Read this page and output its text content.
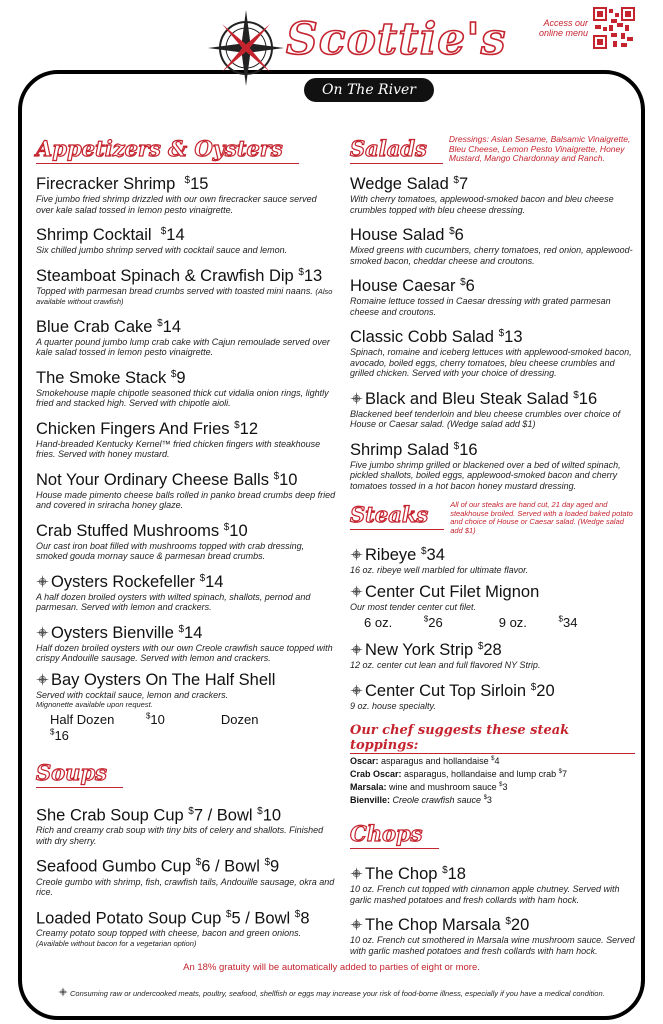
Scottie's
On The River
Access our online menu
Appetizers & Oysters
Firecracker Shrimp $15
Five jumbo fried shrimp drizzled with our own firecracker sauce served over kale salad tossed in lemon pesto vinaigrette.
Shrimp Cocktail $14
Six chilled jumbo shrimp served with cocktail sauce and lemon.
Steamboat Spinach & Crawfish Dip $13
Topped with parmesan bread crumbs served with toasted mini naans. (Also available without crawfish)
Blue Crab Cake $14
A quarter pound jumbo lump crab cake with Cajun remoulade served over kale salad tossed in lemon pesto vinaigrette.
The Smoke Stack $9
Smokehouse maple chipotle seasoned thick cut vidalia onion rings, lightly fried and stacked high. Served with chipotle aioli.
Chicken Fingers And Fries $12
Hand-breaded Kentucky Kernel™ fried chicken fingers with steakhouse fries. Served with honey mustard.
Not Your Ordinary Cheese Balls $10
House made pimento cheese balls rolled in panko bread crumbs deep fried and covered in sriracha honey glaze.
Crab Stuffed Mushrooms $10
Our cast iron boat filled with mushrooms topped with crab dressing, smoked gouda mornay sauce & parmesan bread crumbs.
Oysters Rockefeller $14
A half dozen broiled oysters with wilted spinach, shallots, pernod and parmesan. Served with lemon and crackers.
Oysters Bienville $14
Half dozen broiled oysters with our own Creole crawfish sauce topped with crispy Andouille sausage. Served with lemon and crackers.
Bay Oysters On The Half Shell
Served with cocktail sauce, lemon and crackers.
Mignonette available upon request.
Half Dozen	$10	Dozen $16
Soups
She Crab Soup Cup $7 / Bowl $10
Rich and creamy crab soup with tiny bits of celery and shallots. Finished with dry sherry.
Seafood Gumbo Cup $6 / Bowl $9
Creole gumbo with shrimp, fish, crawfish tails, Andouille sausage, okra and rice.
Loaded Potato Soup Cup $5 / Bowl $8
Creamy potato soup topped with cheese, bacon and green onions.
(Available without bacon for a vegetarian option)
Salads	Dressings: Asian Sesame, Balsamic Vinaigrette, Bleu Cheese, Lemon Pesto Vinaigrette, Honey Mustard, Mango Chardonnay and Ranch.
Wedge Salad $7
With cherry tomatoes, applewood-smoked bacon and bleu cheese crumbles topped with bleu cheese dressing.
House Salad $6
Mixed greens with cucumbers, cherry tomatoes, red onion, applewood-smoked bacon, cheddar cheese and croutons.
House Caesar $6
Romaine lettuce tossed in Caesar dressing with grated parmesan cheese and croutons.
Classic Cobb Salad $13
Spinach, romaine and iceberg lettuces with applewood-smoked bacon, avocado, boiled eggs, cherry tomatoes, bleu cheese crumbles and grilled chicken. Served with your choice of dressing.
Black and Bleu Steak Salad $16
Blackened beef tenderloin and bleu cheese crumbles over choice of House or Caesar salad. (Wedge salad add $1)
Shrimp Salad $16
Five jumbo shrimp grilled or blackened over a bed of wilted spinach, pickled shallots, boiled eggs, applewood-smoked bacon and cherry tomatoes tossed in a hot bacon honey mustard dressing.
Steaks	All of our steaks are hand cut, 21 day aged and steakhouse broiled. Served with a loaded baked potato and choice of House or Caesar salad. (Wedge salad add $1)
Ribeye $34
16 oz. ribeye well marbled for ultimate flavor.
Center Cut Filet Mignon
Our most tender center cut filet.
6 oz.	$26	9 oz.	$34
New York Strip $28
12 oz. center cut lean and full flavored NY Strip.
Center Cut Top Sirloin $20
9 oz. house specialty.
Our chef suggests these steak toppings:
Oscar: asparagus and hollandaise $4
Crab Oscar: asparagus, hollandaise and lump crab $7
Marsala: wine and mushroom sauce $3
Bienville: Creole crawfish sauce $3
Chops
The Chop $18
10 oz. French cut topped with cinnamon apple chutney. Served with garlic mashed potatoes and fresh collards with ham hock.
The Chop Marsala $20
10 oz. French cut smothered in Marsala wine mushroom sauce. Served with garlic mashed potatoes and fresh collards with ham hock.
An 18% gratuity will be automatically added to parties of eight or more.
Consuming raw or undercooked meats, poultry, seafood, shellfish or eggs may increase your risk of food-borne illness, especially if you have a medical condition.
